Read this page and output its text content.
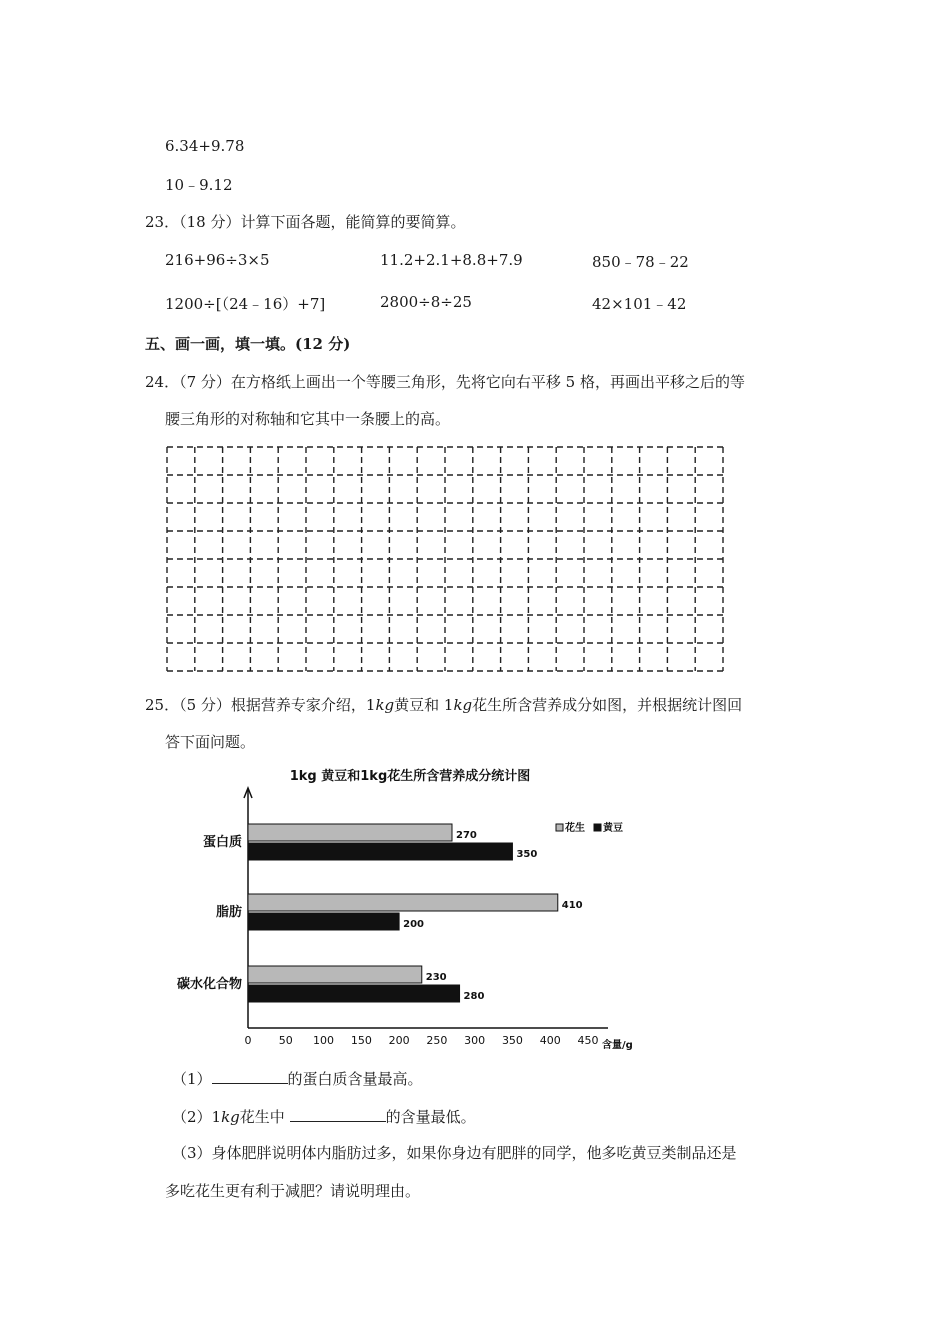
6.34+9.78
10﹣9.12
23．（18 分）计算下面各题，能简算的要简算。
216+96÷3×5	11.2+2.1+8.8+7.9	850﹣78﹣22
1200÷[（24﹣16）+7]	2800÷8÷25	42×101﹣42
五、画一画，填一填。(12 分)
24．（7 分）在方格纸上画出一个等腰三角形，先将它向右平移 5 格，再画出平移之后的等
腰三角形的对称轴和它其中一条腰上的高。
25．（5 分）根据营养专家介绍，1kg黄豆和 1kg花生所含营养成分如图，并根据统计图回
答下面问题。
1kg 黄豆和1kg花生所含营养成分统计图
0 50 100 150 200 250 300 350 400 450 含量/g
蛋白质	270
350
脂肪	410
200
碳水化合物	230
280
花生 黄豆
（1）	的蛋白质含量最高。
（2）1kg花生中	的含量最低。
（3）身体肥胖说明体内脂肪过多，如果你身边有肥胖的同学，他多吃黄豆类制品还是
多吃花生更有利于减肥？请说明理由。
